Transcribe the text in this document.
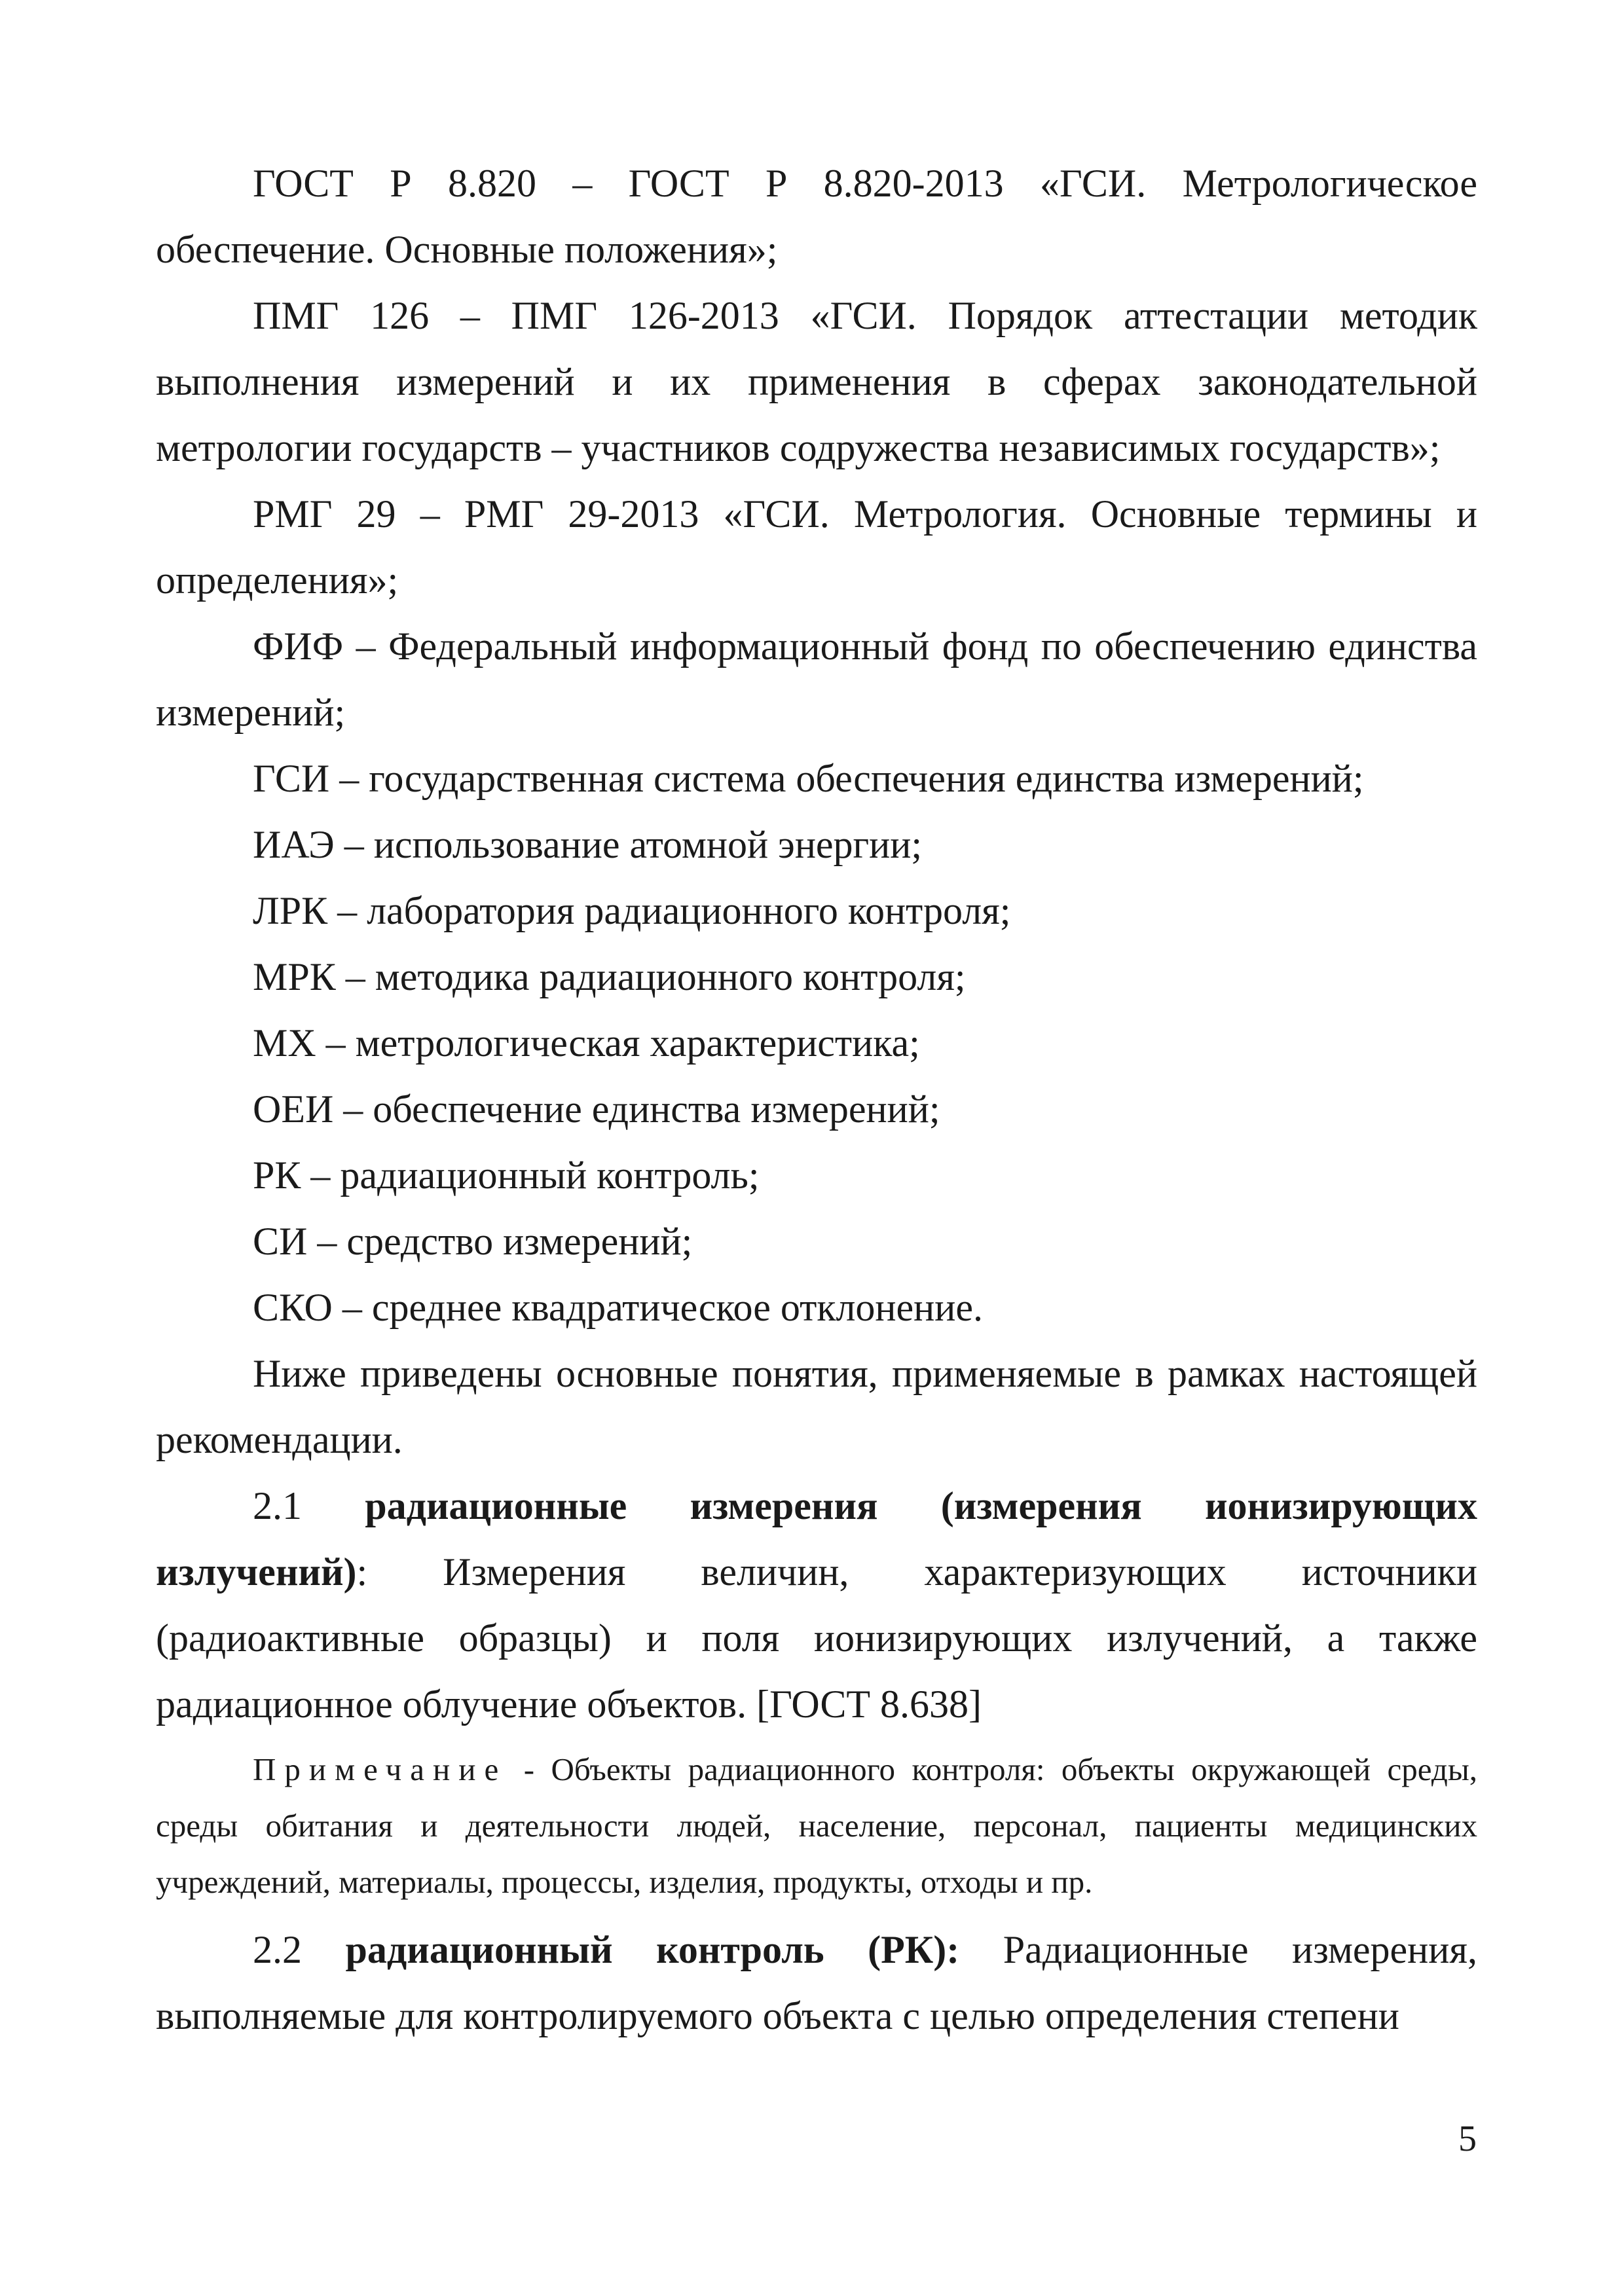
ГОСТ Р 8.820 – ГОСТ Р 8.820-2013 «ГСИ. Метрологическое обеспечение. Основные положения»;

ПМГ 126 – ПМГ 126-2013 «ГСИ. Порядок аттестации методик выполнения измерений и их применения в сферах законодательной метрологии государств – участников содружества независимых государств»;

РМГ 29 – РМГ 29-2013 «ГСИ. Метрология. Основные термины и определения»;

ФИФ – Федеральный информационный фонд по обеспечению единства измерений;

ГСИ – государственная система обеспечения единства измерений;

ИАЭ – использование атомной энергии;

ЛРК – лаборатория радиационного контроля;

МРК – методика радиационного контроля;

МХ – метрологическая характеристика;

ОЕИ – обеспечение единства измерений;

РК – радиационный контроль;

СИ – средство измерений;

СКО – среднее квадратическое отклонение.

Ниже приведены основные понятия, применяемые в рамках настоящей рекомендации.

2.1 радиационные измерения (измерения ионизирующих излучений): Измерения величин, характеризующих источники (радиоактивные образцы) и поля ионизирующих излучений, а также радиационное облучение объектов. [ГОСТ 8.638]

Примечание - Объекты радиационного контроля: объекты окружающей среды, среды обитания и деятельности людей, население, персонал, пациенты медицинских учреждений, материалы, процессы, изделия, продукты, отходы и пр.

2.2 радиационный контроль (РК): Радиационные измерения, выполняемые для контролируемого объекта с целью определения степени

5
